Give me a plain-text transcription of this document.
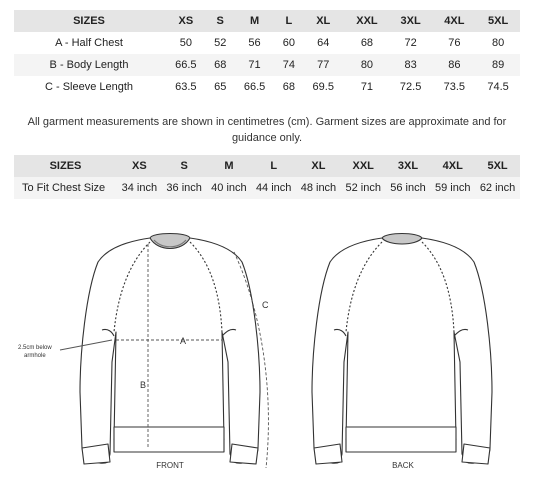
SIZES	XS	S	M	L	XL	XXL	3XL	4XL	5XL
A - Half Chest	50	52	56	60	64	68	72	76	80
B - Body Length	66.5	68	71	74	77	80	83	86	89
C - Sleeve Length	63.5	65	66.5	68	69.5	71	72.5	73.5	74.5
All garment measurements are shown in centimetres (cm). Garment sizes are approximate and for guidance only.
SIZES	XS	S	M	L	XL	XXL	3XL	4XL	5XL
To Fit Chest Size	34 inch	36 inch	40 inch	44 inch	48 inch	52 inch	56 inch	59 inch	62 inch
A
B
C
2.5cm below
armhole
FRONT	BACK
